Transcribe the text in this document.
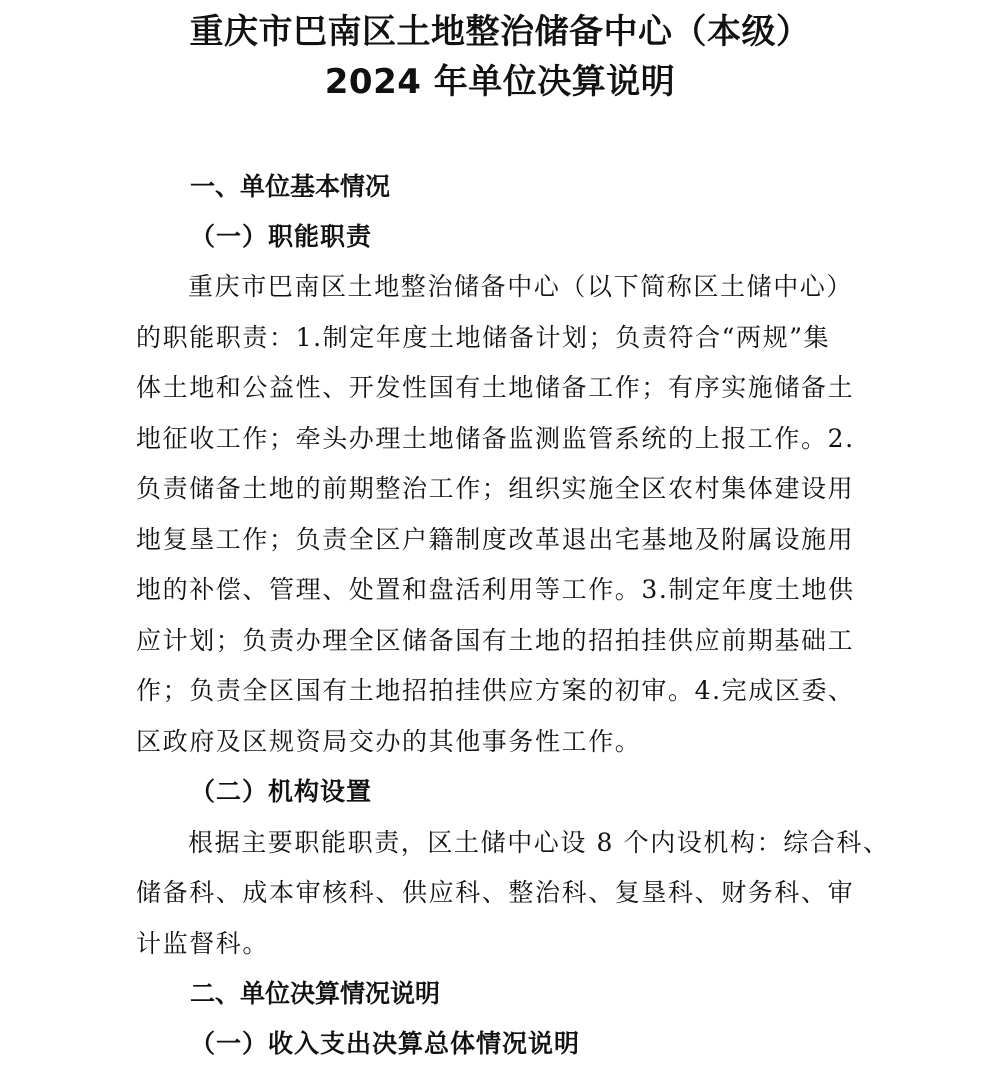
重庆市巴南区土地整治储备中心（本级）
2024 年单位决算说明
一、单位基本情况
（一）职能职责

重庆市巴南区土地整治储备中心（以下简称区土储中心）

的职能职责：1.制定年度土地储备计划；负责符合“两规”集

体土地和公益性、开发性国有土地储备工作；有序实施储备土

地征收工作；牵头办理土地储备监测监管系统的上报工作。2.

负责储备土地的前期整治工作；组织实施全区农村集体建设用

地复垦工作；负责全区户籍制度改革退出宅基地及附属设施用

地的补偿、管理、处置和盘活利用等工作。3.制定年度土地供

应计划；负责办理全区储备国有土地的招拍挂供应前期基础工

作；负责全区国有土地招拍挂供应方案的初审。4.完成区委、

区政府及区规资局交办的其他事务性工作。

（二）机构设置

根据主要职能职责，区土储中心设 8 个内设机构：综合科、

储备科、成本审核科、供应科、整治科、复垦科、财务科、审

计监督科。

二、单位决算情况说明
（一）收入支出决算总体情况说明
